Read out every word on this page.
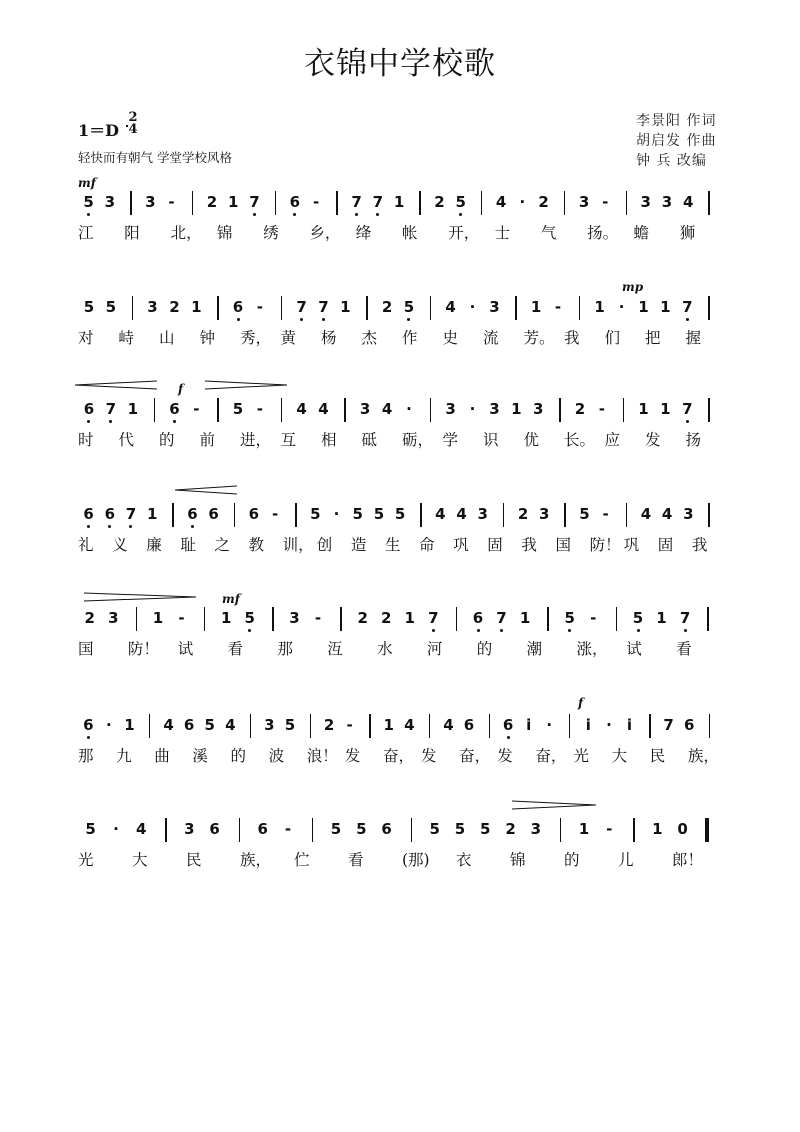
衣锦中学校歌
1＝D
2
4
轻快而有朝气 学堂学校风格
李景阳 作词
胡启发 作曲
钟 兵 改编
5 3	3 -	2 1 7	6 -	7 7 1	2 5	4 · 2	3 -	3 3 4
江	阳	北， 锦	绣	乡， 绛	帐	开， 士	气	扬。 蟾	狮
5 5	3 2 1	6 -	7 7 1	2 5	4 · 3	1 -	1 · 1 1 7
对	峙	山	钟	秀， 黄	杨	杰	作	史	流	芳。 我	们	把	握
6 7 1	6 -	5 -	4 4	3 4 ·	3 · 3 1 3	2 -	1 1 7
时	代	的	前	进， 互	相	砥	砺， 学	识	优	长。 应	发	扬
6 6 7 1	6 6	6 -	5 · 5 5 5	4 4 3	2 3	5 -	4 4 3
礼	义	廉	耻	之	教	训， 创	造	生	命	巩	固	我	国	防！ 巩	固	我
2 3	1	-	1 5	3	-	2 2 1 7	6 7 1	5	-	5 1 7
国	防！	试	看	那	沍	水	河	的	潮	涨，	试	看
6 · 1	4 6 5 4	3 5	2 -	1 4	4 6	6 i	·	i	·	i	7 6
那	九	曲	溪	的	波	浪！ 发	奋， 发	奋， 发	奋， 光	大	民	族，
5	·	4	3 6	6	-	5 5 6	5 5 5 2 3	1	-	1 0
光	大	民	族，	伫	看	(那)	衣	锦	的	儿	郎！
mf
mp
f
mf
f
